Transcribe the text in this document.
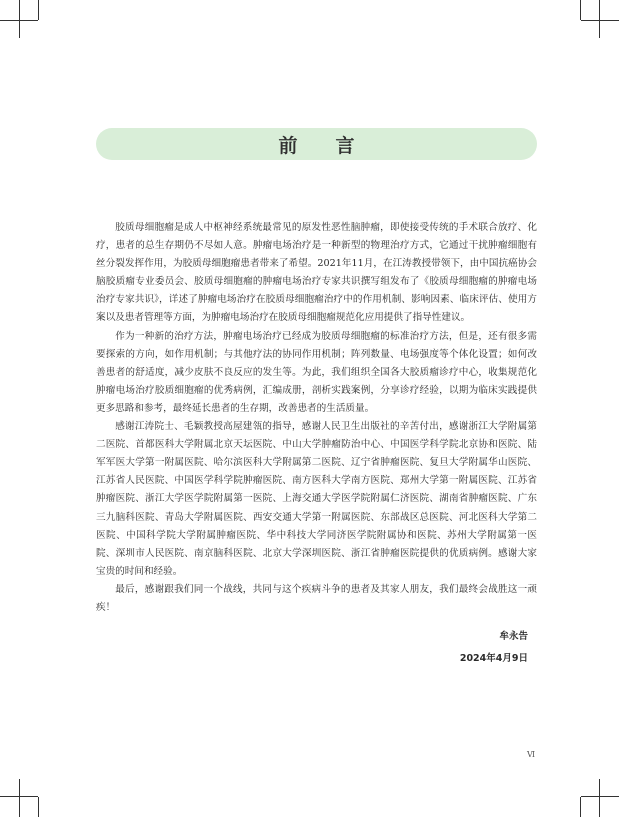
前言

胶质母细胞瘤是成人中枢神经系统最常见的原发性恶性脑肿瘤，即使接受传统的手术联合放疗、化疗，患者的总生存期仍不尽如人意。肿瘤电场治疗是一种新型的物理治疗方式，它通过干扰肿瘤细胞有丝分裂发挥作用，为胶质母细胞瘤患者带来了希望。2021年11月，在江涛教授带领下，由中国抗癌协会脑胶质瘤专业委员会、胶质母细胞瘤的肿瘤电场治疗专家共识撰写组发布了《胶质母细胞瘤的肿瘤电场治疗专家共识》，详述了肿瘤电场治疗在胶质母细胞瘤治疗中的作用机制、影响因素、临床评估、使用方案以及患者管理等方面，为肿瘤电场治疗在胶质母细胞瘤规范化应用提供了指导性建议。

作为一种新的治疗方法，肿瘤电场治疗已经成为胶质母细胞瘤的标准治疗方法，但是，还有很多需要探索的方向，如作用机制；与其他疗法的协同作用机制；阵列数量、电场强度等个体化设置；如何改善患者的舒适度，减少皮肤不良反应的发生等。为此，我们组织全国各大胶质瘤诊疗中心，收集规范化肿瘤电场治疗胶质细胞瘤的优秀病例，汇编成册，剖析实践案例，分享诊疗经验，以期为临床实践提供更多思路和参考，最终延长患者的生存期，改善患者的生活质量。

感谢江涛院士、毛颖教授高屋建瓴的指导，感谢人民卫生出版社的辛苦付出，感谢浙江大学附属第二医院、首都医科大学附属北京天坛医院、中山大学肿瘤防治中心、中国医学科学院北京协和医院、陆军军医大学第一附属医院、哈尔滨医科大学附属第二医院、辽宁省肿瘤医院、复旦大学附属华山医院、江苏省人民医院、中国医学科学院肿瘤医院、南方医科大学南方医院、郑州大学第一附属医院、江苏省肿瘤医院、浙江大学医学院附属第一医院、上海交通大学医学院附属仁济医院、湖南省肿瘤医院、广东三九脑科医院、青岛大学附属医院、西安交通大学第一附属医院、东部战区总医院、河北医科大学第二医院、中国科学院大学附属肿瘤医院、华中科技大学同济医学院附属协和医院、苏州大学附属第一医院、深圳市人民医院、南京脑科医院、北京大学深圳医院、浙江省肿瘤医院提供的优质病例。感谢大家宝贵的时间和经验。

最后，感谢跟我们同一个战线，共同与这个疾病斗争的患者及其家人朋友，我们最终会战胜这一顽疾！

牟永告
2024年4月9日
Ⅵ
